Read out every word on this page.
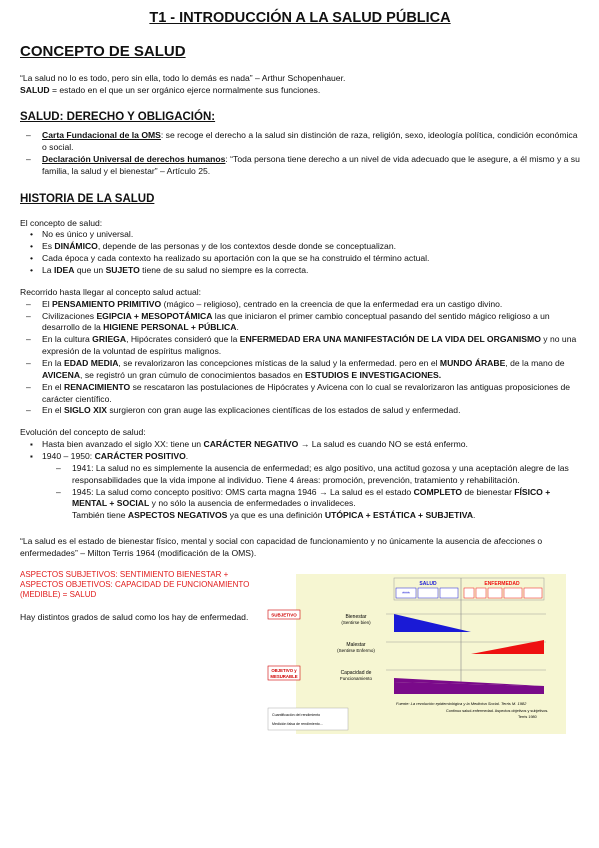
T1 - INTRODUCCIÓN A LA SALUD PÚBLICA
CONCEPTO DE SALUD

“La salud no lo es todo, pero sin ella, todo lo demás es nada” – Arthur Schopenhauer.

SALUD = estado en el que un ser orgánico ejerce normalmente sus funciones.

SALUD: DERECHO Y OBLIGACIÓN:
– Carta Fundacional de la OMS: se recoge el derecho a la salud sin distinción de raza, religión, sexo, ideología política, condición económica o social.
– Declaración Universal de derechos humanos: “Toda persona tiene derecho a un nivel de vida adecuado que le asegure, a él mismo y a su familia, la salud y el bienestar” – Artículo 25.
HISTORIA DE LA SALUD

El concepto de salud:

• No es único y universal.
• Es DINÁMICO, depende de las personas y de los contextos desde donde se conceptualizan.
• Cada época y cada contexto ha realizado su aportación con la que se ha construido el término actual.
• La IDEA que un SUJETO tiene de su salud no siempre es la correcta.

Recorrido hasta llegar al concepto salud actual:

– El PENSAMIENTO PRIMITIVO (mágico – religioso), centrado en la creencia de que la enfermedad era un castigo divino.
– Civilizaciones EGIPCIA + MESOPOTÁMICA las que iniciaron el primer cambio conceptual pasando del sentido mágico religioso a un desarrollo de la HIGIENE PERSONAL + PÚBLICA.
– En la cultura GRIEGA, Hipócrates consideró que la ENFERMEDAD ERA UNA MANIFESTACIÓN DE LA VIDA DEL ORGANISMO y no una expresión de la voluntad de espíritus malignos.
– En la EDAD MEDIA, se revalorizaron las concepciones místicas de la salud y la enfermedad. pero en el MUNDO ÁRABE, de la mano de AVICENA, se registró un gran cúmulo de conocimientos basados en ESTUDIOS E INVESTIGACIONES.
– En el RENACIMIENTO se rescataron las postulaciones de Hipócrates y Avicena con lo cual se revalorizaron las antiguas proposiciones de carácter científico.
– En el SIGLO XIX surgieron con gran auge las explicaciones científicas de los estados de salud y enfermedad.

Evolución del concepto de salud:

▪ Hasta bien avanzado el siglo XX: tiene un CARÁCTER NEGATIVO → La salud es cuando NO se está enfermo.
▪ 1940 – 1950: CARÁCTER POSITIVO.
– 1941: La salud no es simplemente la ausencia de enfermedad; es algo positivo, una actitud gozosa y una aceptación alegre de las responsabilidades que la vida impone al individuo. Tiene 4 áreas: promoción, prevención, tratamiento y rehabilitación.
– 1945: La salud como concepto positivo: OMS carta magna 1946 → La salud es el estado COMPLETO de bienestar FÍSICO + MENTAL + SOCIAL y no sólo la ausencia de enfermedades o invalideces.
También tiene ASPECTOS NEGATIVOS ya que es una definición UTÓPICA + ESTÁTICA + SUBJETIVA.

“La salud es el estado de bienestar físico, mental y social con capacidad de funcionamiento y no únicamente la ausencia de afecciones o enfermedades” – Milton Terris 1964 (modificación de la OMS).

ASPECTOS SUBJETIVOS: SENTIMIENTO BIENESTAR + ASPECTOS OBJETIVOS: CAPACIDAD DE FUNCIONAMIENTO (MEDIBLE) = SALUD

Hay distintos grados de salud como los hay de enfermedad.

SALUD	ENFERMEDAD
****
Bienestar
(Sentirse bien)
Malestar
(Sentirse Enfermo)
Capacidad de
Funcionamiento
SUBJETIVO
OBJETIVO y
MESURABLE
Fuente: La revolución epidemiológica y la Medicina Social. Terris M. 1982
Continuo salud-enfermedad. Aspectos objetivos y subjetivos.
Terris 1980
Cuantificación del rendimiento
Medición falsa de rendimiento...
